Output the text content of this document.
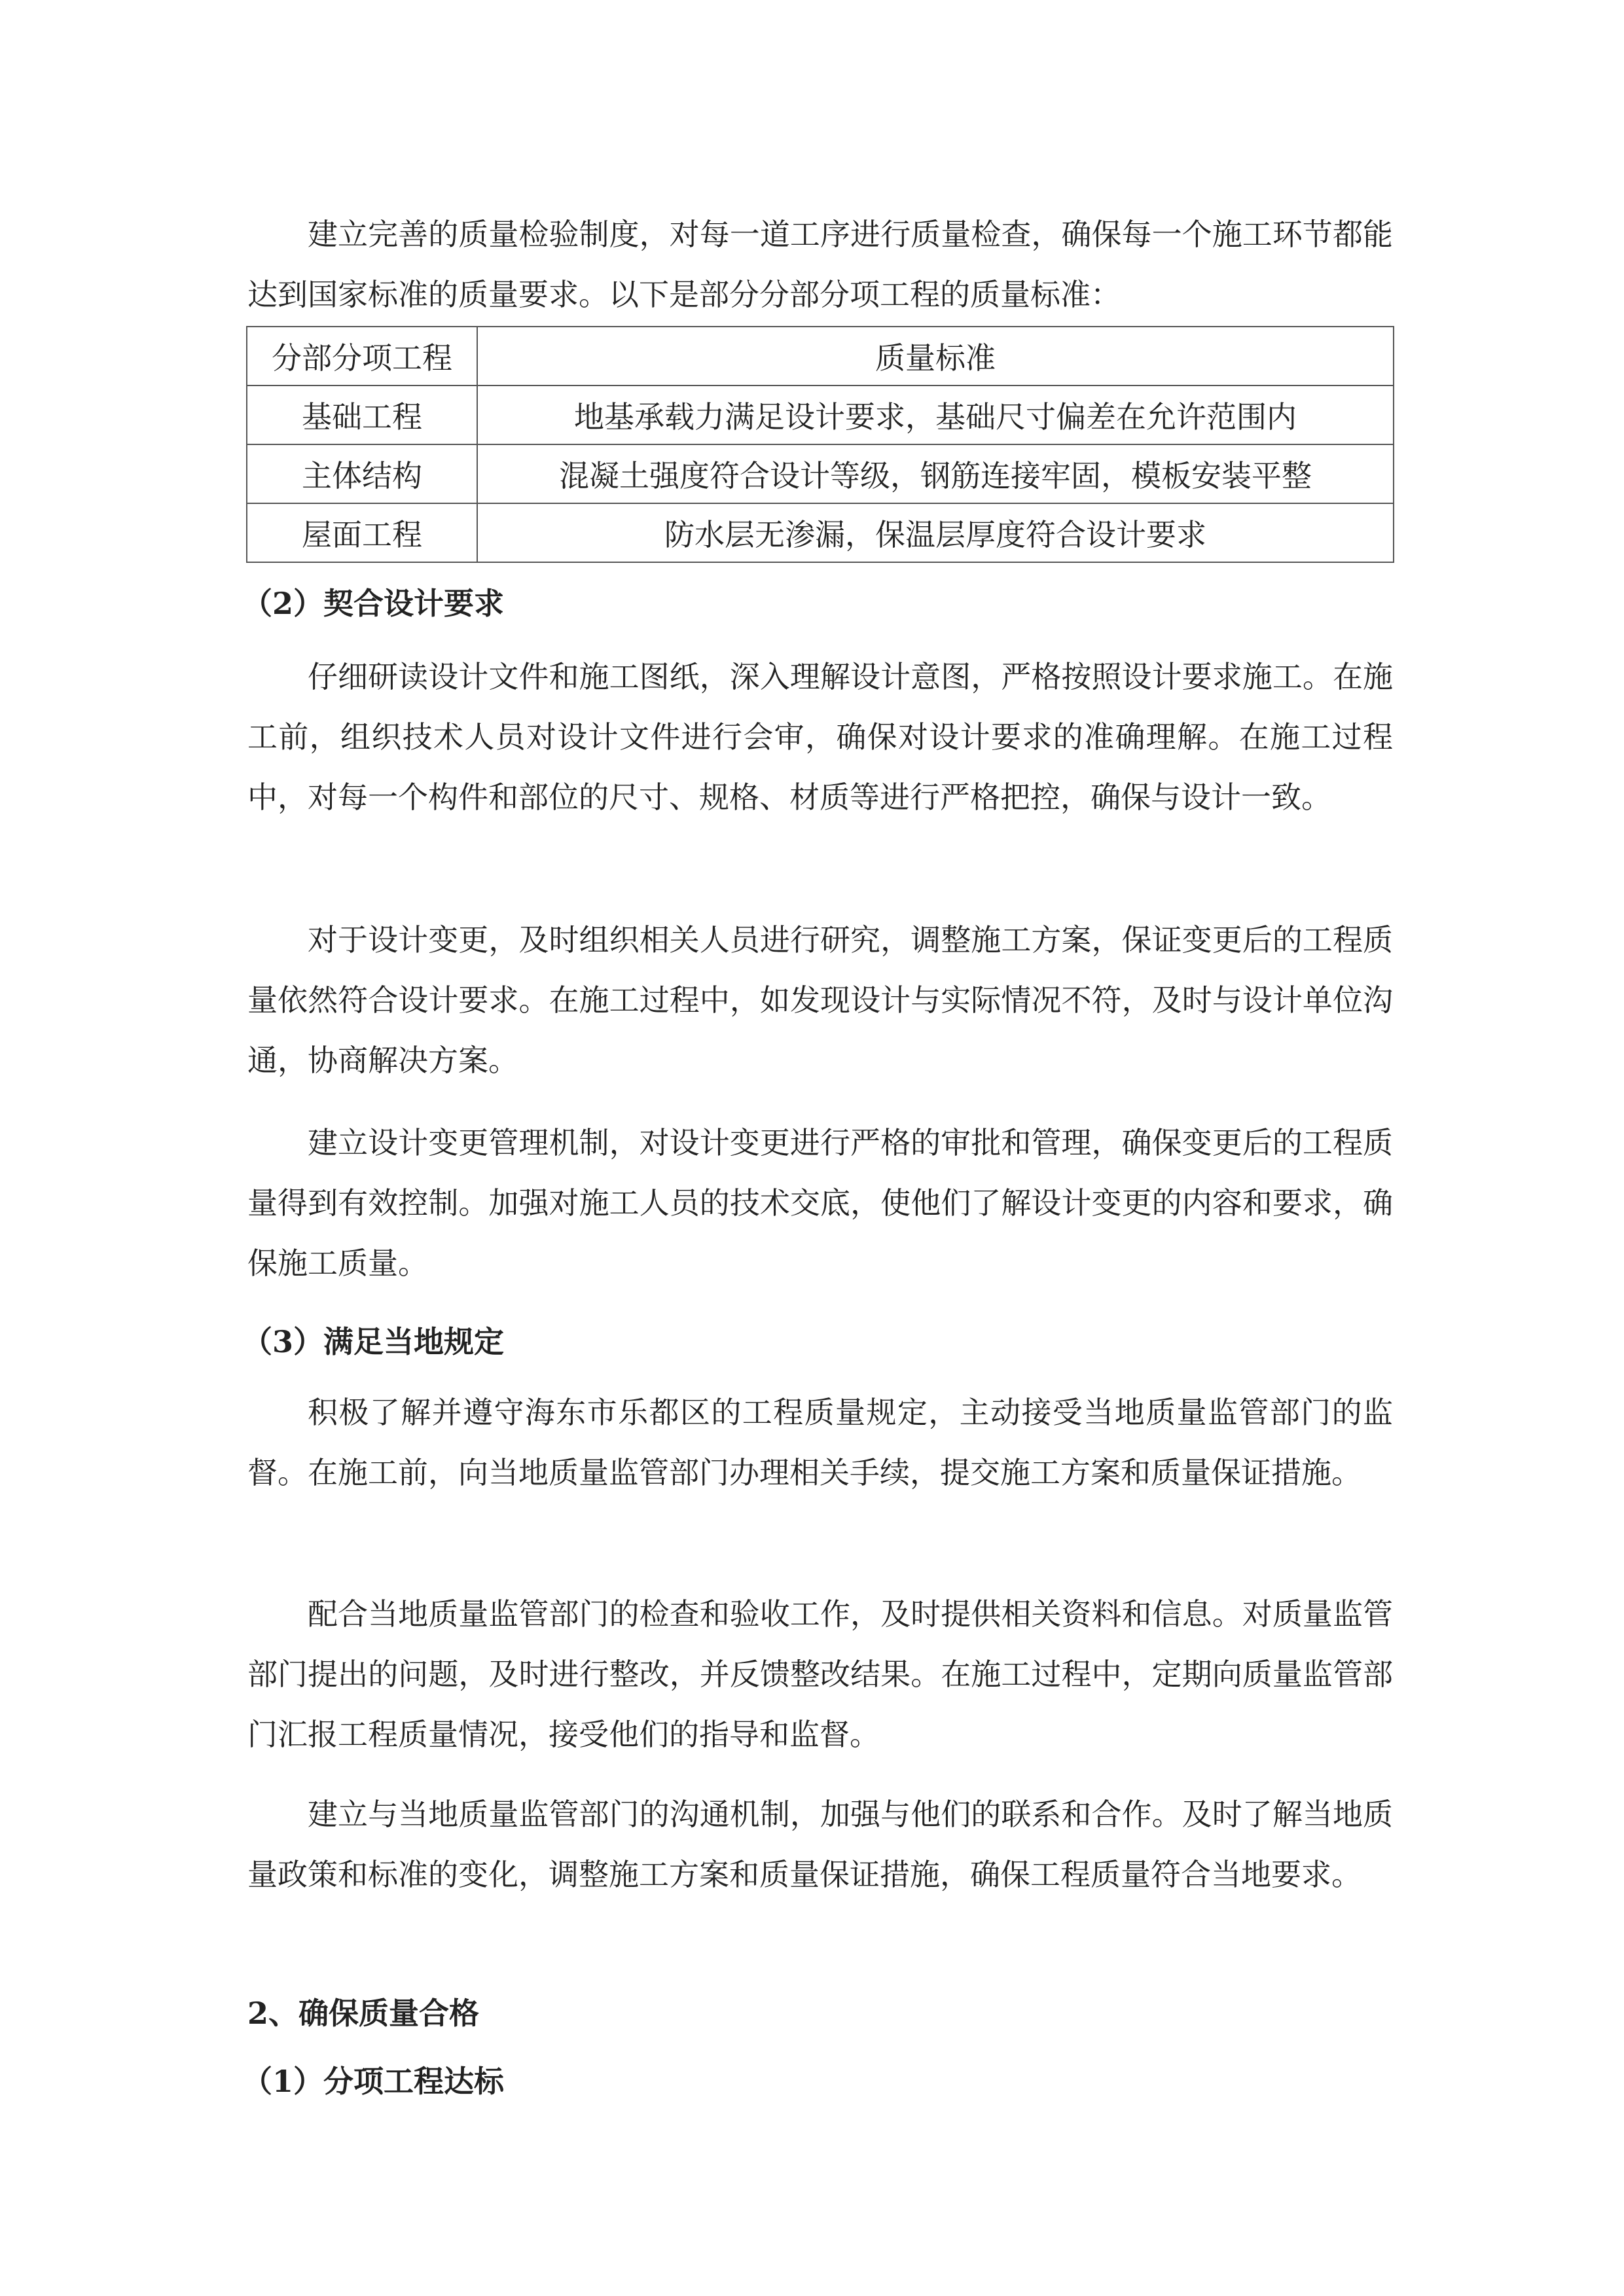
建立完善的质量检验制度，对每一道工序进行质量检查，确保每一个施工环节都能达到国家标准的质量要求。以下是部分分部分项工程的质量标准：

分部分项工程	质量标准
基础工程	地基承载力满足设计要求，基础尺寸偏差在允许范围内
主体结构	混凝土强度符合设计等级，钢筋连接牢固，模板安装平整
屋面工程	防水层无渗漏，保温层厚度符合设计要求
（2）契合设计要求

仔细研读设计文件和施工图纸，深入理解设计意图，严格按照设计要求施工。在施工前，组织技术人员对设计文件进行会审，确保对设计要求的准确理解。在施工过程中，对每一个构件和部位的尺寸、规格、材质等进行严格把控，确保与设计一致。

对于设计变更，及时组织相关人员进行研究，调整施工方案，保证变更后的工程质量依然符合设计要求。在施工过程中，如发现设计与实际情况不符，及时与设计单位沟通，协商解决方案。

建立设计变更管理机制，对设计变更进行严格的审批和管理，确保变更后的工程质量得到有效控制。加强对施工人员的技术交底，使他们了解设计变更的内容和要求，确保施工质量。

（3）满足当地规定

积极了解并遵守海东市乐都区的工程质量规定，主动接受当地质量监管部门的监督。在施工前，向当地质量监管部门办理相关手续，提交施工方案和质量保证措施。

配合当地质量监管部门的检查和验收工作，及时提供相关资料和信息。对质量监管部门提出的问题，及时进行整改，并反馈整改结果。在施工过程中，定期向质量监管部门汇报工程质量情况，接受他们的指导和监督。

建立与当地质量监管部门的沟通机制，加强与他们的联系和合作。及时了解当地质量政策和标准的变化，调整施工方案和质量保证措施，确保工程质量符合当地要求。

2、确保质量合格
（1）分项工程达标
